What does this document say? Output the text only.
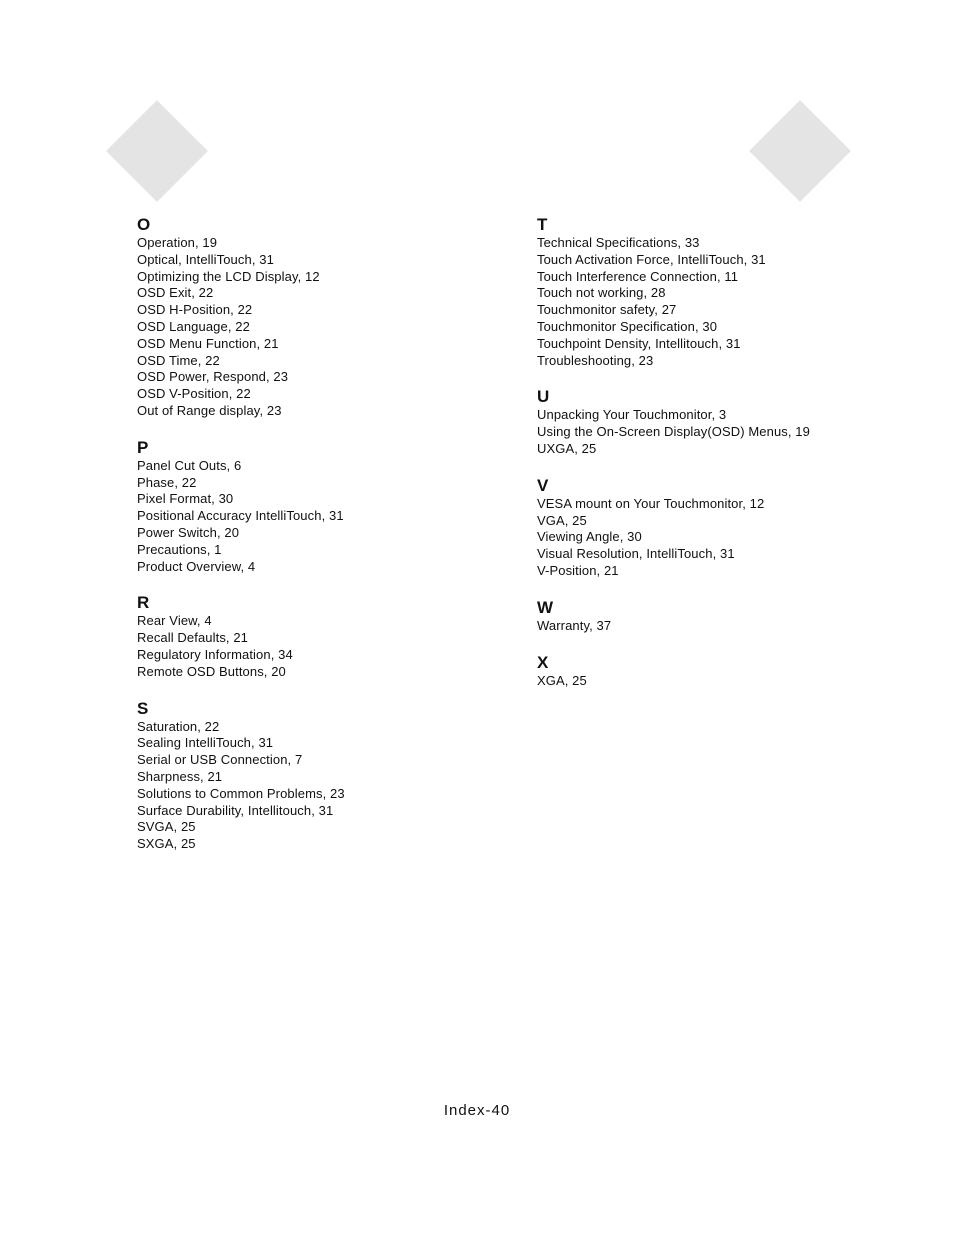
O
Operation, 19
Optical, IntelliTouch, 31
Optimizing the LCD Display, 12
OSD Exit, 22
OSD H-Position, 22
OSD Language, 22
OSD Menu Function, 21
OSD Time, 22
OSD Power, Respond, 23
OSD V-Position, 22
Out of Range display, 23
P
Panel Cut Outs, 6
Phase, 22
Pixel Format, 30
Positional Accuracy IntelliTouch, 31
Power Switch, 20
Precautions, 1
Product Overview, 4
R
Rear View, 4
Recall Defaults, 21
Regulatory Information, 34
Remote OSD Buttons, 20
S
Saturation, 22
Sealing IntelliTouch, 31
Serial or USB Connection, 7
Sharpness, 21
Solutions to Common Problems, 23
Surface Durability, Intellitouch, 31
SVGA, 25
SXGA, 25
T
Technical Specifications, 33
Touch Activation Force, IntelliTouch, 31
Touch Interference Connection, 11
Touch not working, 28
Touchmonitor safety, 27
Touchmonitor Specification, 30
Touchpoint Density, Intellitouch, 31
Troubleshooting, 23
U
Unpacking Your Touchmonitor, 3
Using the On-Screen Display(OSD) Menus, 19
UXGA, 25
V
VESA mount on Your Touchmonitor, 12
VGA, 25
Viewing Angle, 30
Visual Resolution, IntelliTouch, 31
V-Position, 21
W
Warranty, 37
X
XGA, 25
Index-40
